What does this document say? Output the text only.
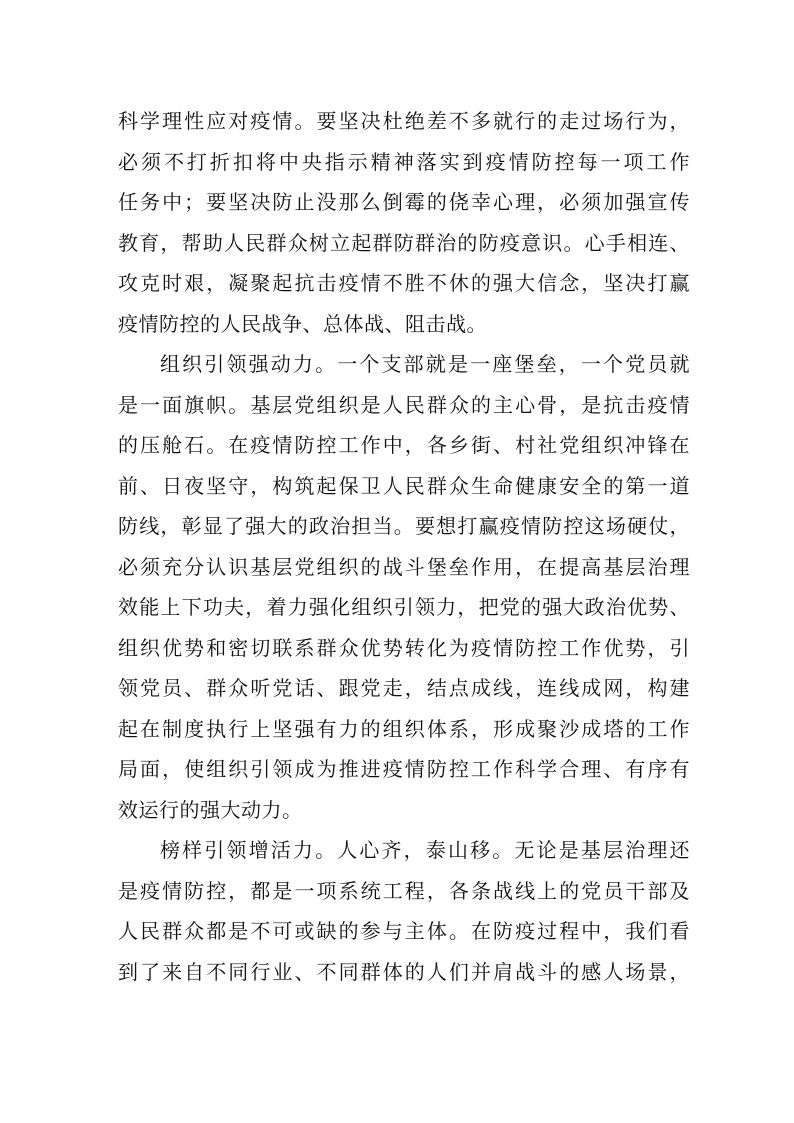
科学理性应对疫情。要坚决杜绝差不多就行的走过场行为，
必须不打折扣将中央指示精神落实到疫情防控每一项工作
任务中；要坚决防止没那么倒霉的侥幸心理，必须加强宣传
教育，帮助人民群众树立起群防群治的防疫意识。心手相连、
攻克时艰，凝聚起抗击疫情不胜不休的强大信念，坚决打赢
疫情防控的人民战争、总体战、阻击战。
组织引领强动力。一个支部就是一座堡垒，一个党员就
是一面旗帜。基层党组织是人民群众的主心骨，是抗击疫情
的压舱石。在疫情防控工作中，各乡街、村社党组织冲锋在
前、日夜坚守，构筑起保卫人民群众生命健康安全的第一道
防线，彰显了强大的政治担当。要想打赢疫情防控这场硬仗，
必须充分认识基层党组织的战斗堡垒作用，在提高基层治理
效能上下功夫，着力强化组织引领力，把党的强大政治优势、
组织优势和密切联系群众优势转化为疫情防控工作优势，引
领党员、群众听党话、跟党走，结点成线，连线成网，构建
起在制度执行上坚强有力的组织体系，形成聚沙成塔的工作
局面，使组织引领成为推进疫情防控工作科学合理、有序有
效运行的强大动力。
榜样引领增活力。人心齐，泰山移。无论是基层治理还
是疫情防控，都是一项系统工程，各条战线上的党员干部及
人民群众都是不可或缺的参与主体。在防疫过程中，我们看
到了来自不同行业、不同群体的人们并肩战斗的感人场景，
